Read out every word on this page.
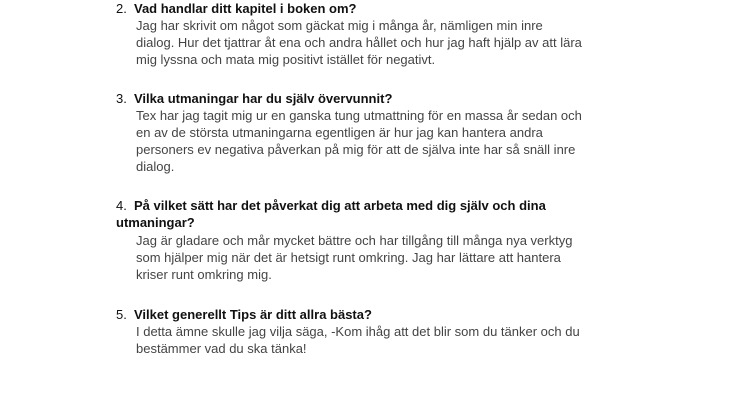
2. Vad handlar ditt kapitel i boken om?
Jag har skrivit om något som gäckat mig i många år, nämligen min inre
dialog. Hur det tjattrar åt ena och andra hållet och hur jag haft hjälp av att lära
mig lyssna och mata mig positivt istället för negativt.
3. Vilka utmaningar har du själv övervunnit?
Tex har jag tagit mig ur en ganska tung utmattning för en massa år sedan och
en av de största utmaningarna egentligen är hur jag kan hantera andra
personers ev negativa påverkan på mig för att de själva inte har så snäll inre
dialog.
4. På vilket sätt har det påverkat dig att arbeta med dig själv och dina
utmaningar?
Jag är gladare och mår mycket bättre och har tillgång till många nya verktyg
som hjälper mig när det är hetsigt runt omkring. Jag har lättare att hantera
kriser runt omkring mig.
5. Vilket generellt Tips är ditt allra bästa?
I detta ämne skulle jag vilja säga, -Kom ihåg att det blir som du tänker och du
bestämmer vad du ska tänka!
